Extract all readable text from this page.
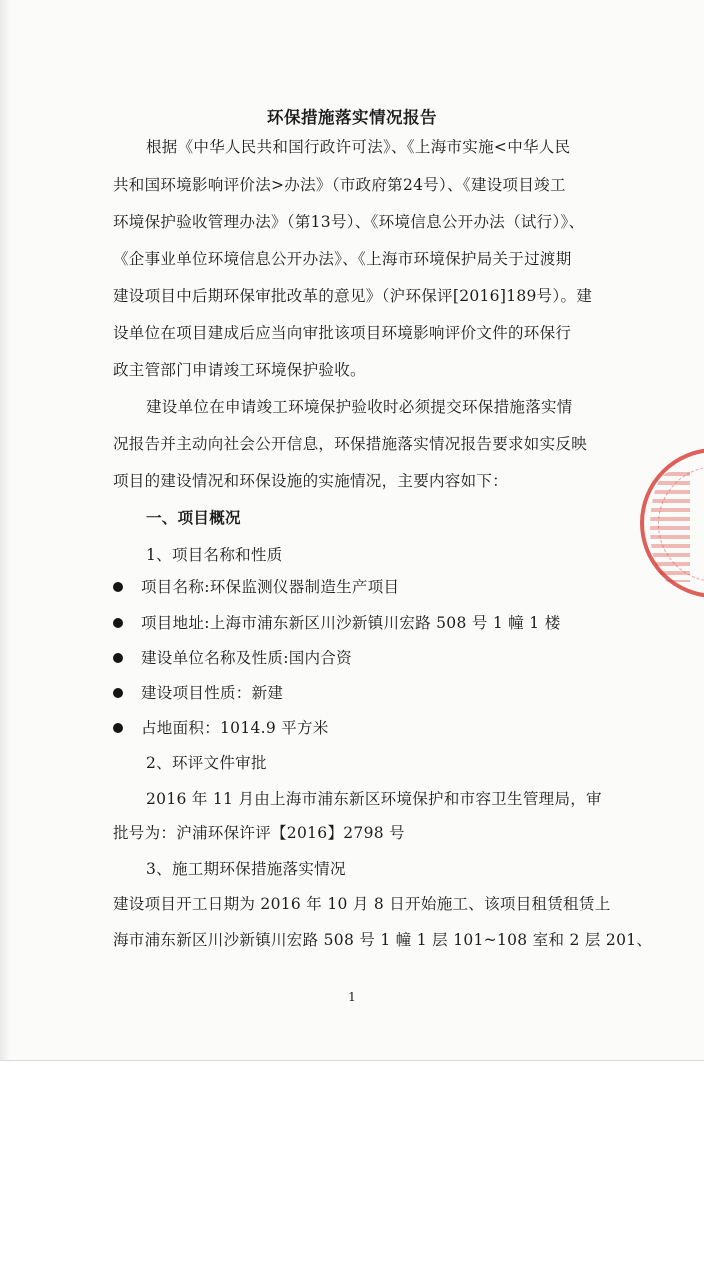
环保措施落实情况报告
根据《中华人民共和国行政许可法》、《上海市实施<中华人民
共和国环境影响评价法>办法》（市政府第24号）、《建设项目竣工
环境保护验收管理办法》（第13号）、《环境信息公开办法（试行）》、
《企事业单位环境信息公开办法》、《上海市环境保护局关于过渡期
建设项目中后期环保审批改革的意见》（沪环保评[2016]189号）。建
设单位在项目建成后应当向审批该项目环境影响评价文件的环保行
政主管部门申请竣工环境保护验收。
建设单位在申请竣工环境保护验收时必须提交环保措施落实情
况报告并主动向社会公开信息，环保措施落实情况报告要求如实反映
项目的建设情况和环保设施的实施情况，主要内容如下：
一、项目概况
1、项目名称和性质
项目名称:环保监测仪器制造生产项目
项目地址:上海市浦东新区川沙新镇川宏路 508 号 1 幢 1 楼
建设单位名称及性质:国内合资
建设项目性质：新建
占地面积：1014.9 平方米
2、环评文件审批
2016 年 11 月由上海市浦东新区环境保护和市容卫生管理局，审
批号为：沪浦环保许评【2016】2798 号
3、施工期环保措施落实情况
建设项目开工日期为 2016 年 10 月 8 日开始施工、该项目租赁租赁上
海市浦东新区川沙新镇川宏路 508 号 1 幢 1 层 101~108 室和 2 层 201、
1
